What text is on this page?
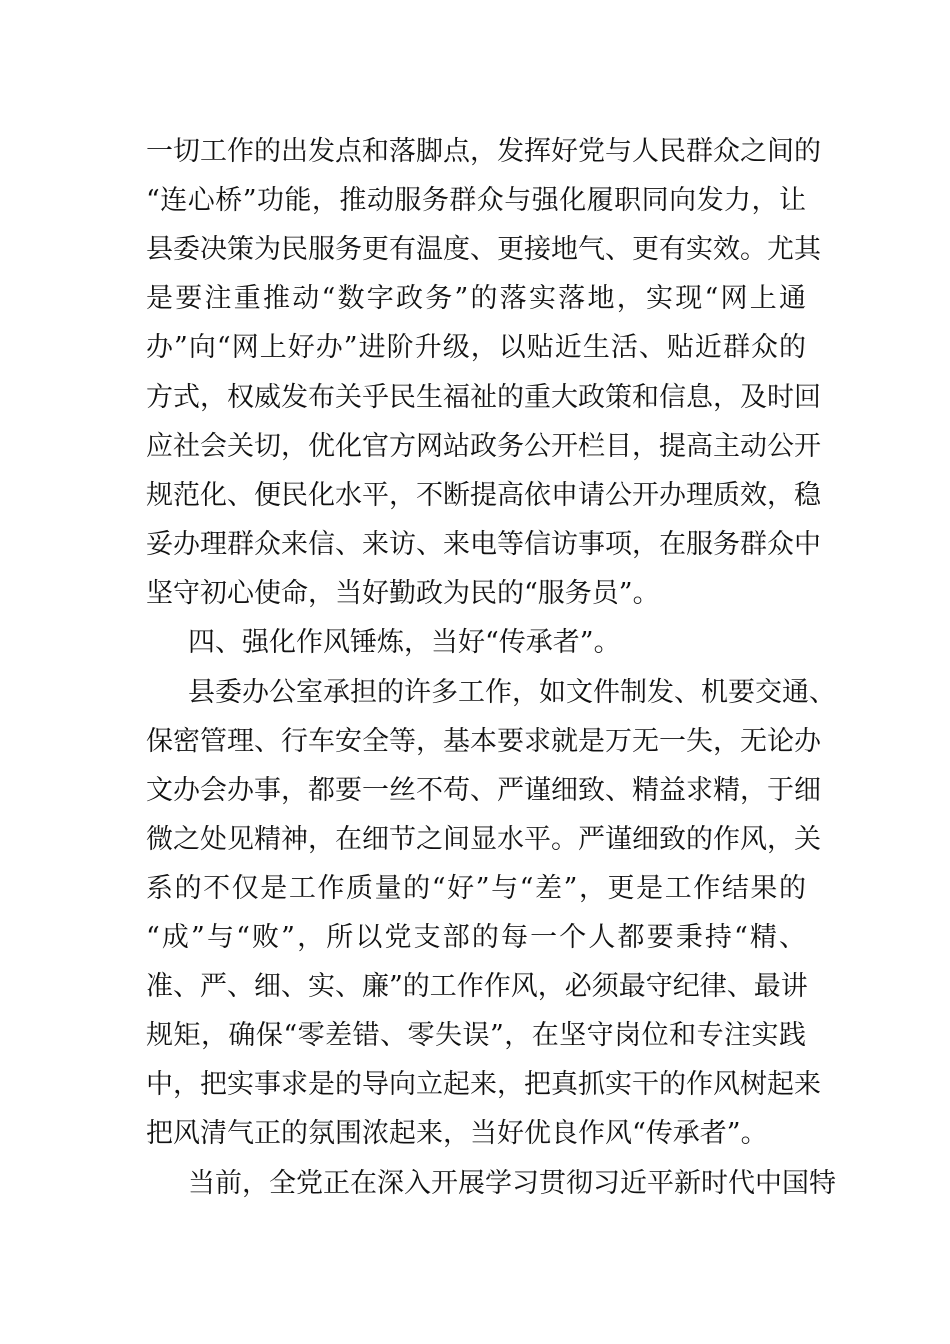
一切工作的出发点和落脚点，发挥好党与人民群众之间的
“连心桥”功能，推动服务群众与强化履职同向发力，让
县委决策为民服务更有温度、更接地气、更有实效。尤其
是要注重推动“数字政务”的落实落地，实现“网上通
办”向“网上好办”进阶升级，以贴近生活、贴近群众的
方式，权威发布关乎民生福祉的重大政策和信息，及时回
应社会关切，优化官方网站政务公开栏目，提高主动公开
规范化、便民化水平，不断提高依申请公开办理质效，稳
妥办理群众来信、来访、来电等信访事项，在服务群众中
坚守初心使命，当好勤政为民的“服务员”。
四、强化作风锤炼，当好“传承者”。
县委办公室承担的许多工作，如文件制发、机要交通、
保密管理、行车安全等，基本要求就是万无一失，无论办
文办会办事，都要一丝不苟、严谨细致、精益求精，于细
微之处见精神，在细节之间显水平。严谨细致的作风，关
系的不仅是工作质量的“好”与“差”，更是工作结果的
“成”与“败”，所以党支部的每一个人都要秉持“精、
准、严、细、实、廉”的工作作风，必须最守纪律、最讲
规矩，确保“零差错、零失误”，在坚守岗位和专注实践
中，把实事求是的导向立起来，把真抓实干的作风树起来
把风清气正的氛围浓起来，当好优良作风“传承者”。
当前，全党正在深入开展学习贯彻习近平新时代中国特
